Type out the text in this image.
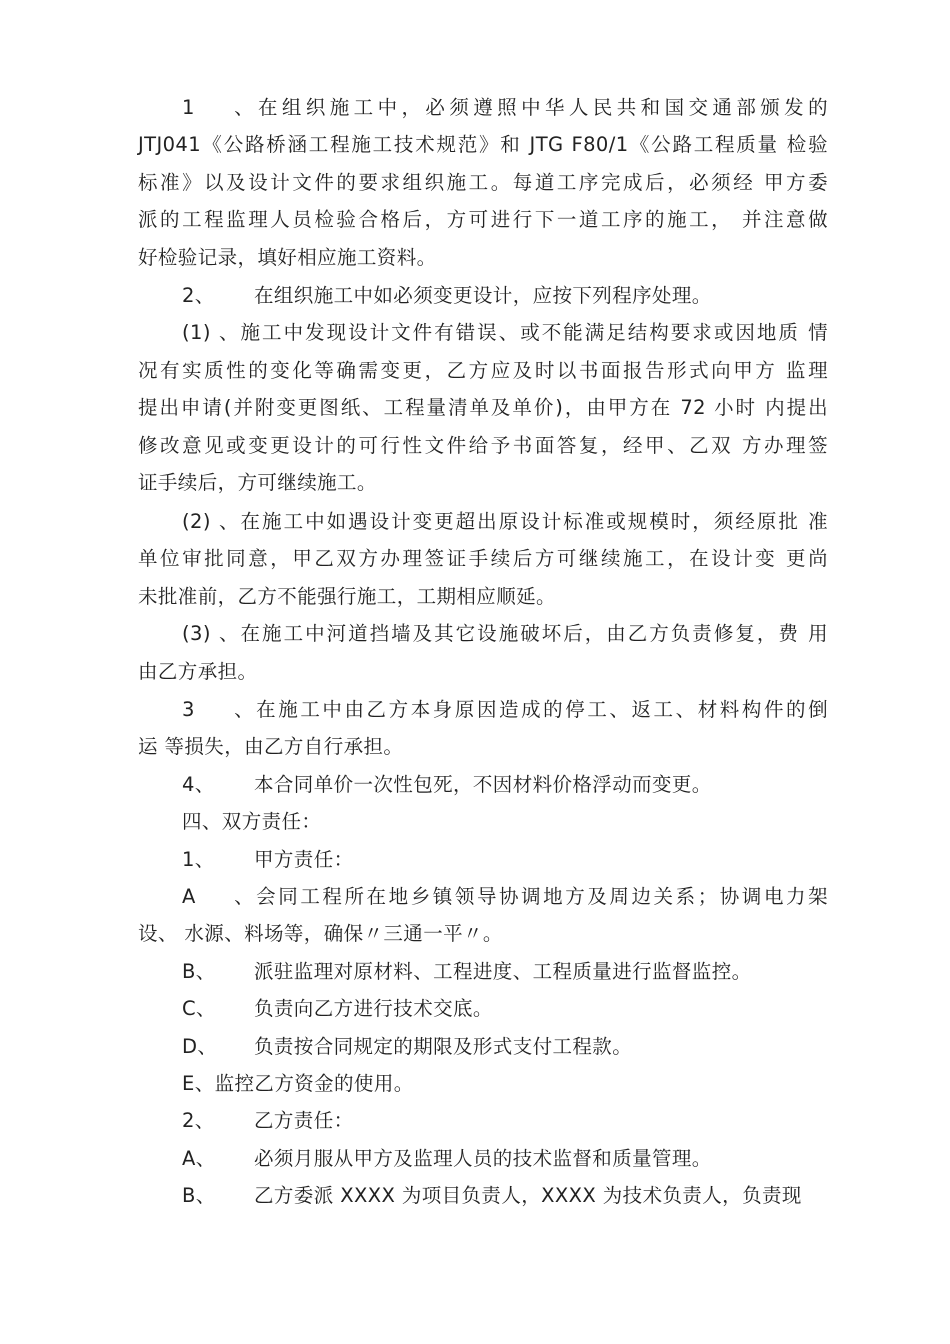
1、在组织施工中，必须遵照中华人民共和国交通部颁发的
JTJ041《公路桥涵工程施工技术规范》和 JTG F80/1《公路工程质量 检验
标准》以及设计文件的要求组织施工。每道工序完成后，必须经 甲方委
派的工程监理人员检验合格后，方可进行下一道工序的施工， 并注意做
好检验记录，填好相应施工资料。
2、 在组织施工中如必须变更设计，应按下列程序处理。
(1) 、施工中发现设计文件有错误、或不能满足结构要求或因地质 情
况有实质性的变化等确需变更，乙方应及时以书面报告形式向甲方 监理
提出申请(并附变更图纸、工程量清单及单价)，由甲方在 72 小时 内提出
修改意见或变更设计的可行性文件给予书面答复，经甲、乙双 方办理签
证手续后，方可继续施工。
(2) 、在施工中如遇设计变更超出原设计标准或规模时，须经原批 准
单位审批同意，甲乙双方办理签证手续后方可继续施工，在设计变 更尚
未批准前，乙方不能强行施工，工期相应顺延。
(3) 、在施工中河道挡墙及其它设施破坏后，由乙方负责修复，费 用
由乙方承担。
3、在施工中由乙方本身原因造成的停工、返工、材料构件的倒
运 等损失，由乙方自行承担。
4、 本合同单价一次性包死，不因材料价格浮动而变更。
四、双方责任：
1、 甲方责任：
A、会同工程所在地乡镇领导协调地方及周边关系；协调电力架
设、 水源、料场等，确保〃三通一平〃。
B、 派驻监理对原材料、工程进度、工程质量进行监督监控。
C、 负责向乙方进行技术交底。
D、 负责按合同规定的期限及形式支付工程款。
E、监控乙方资金的使用。
2、 乙方责任：
A、 必须月服从甲方及监理人员的技术监督和质量管理。
B、 乙方委派 XXXX 为项目负责人，XXXX 为技术负责人，负责现
